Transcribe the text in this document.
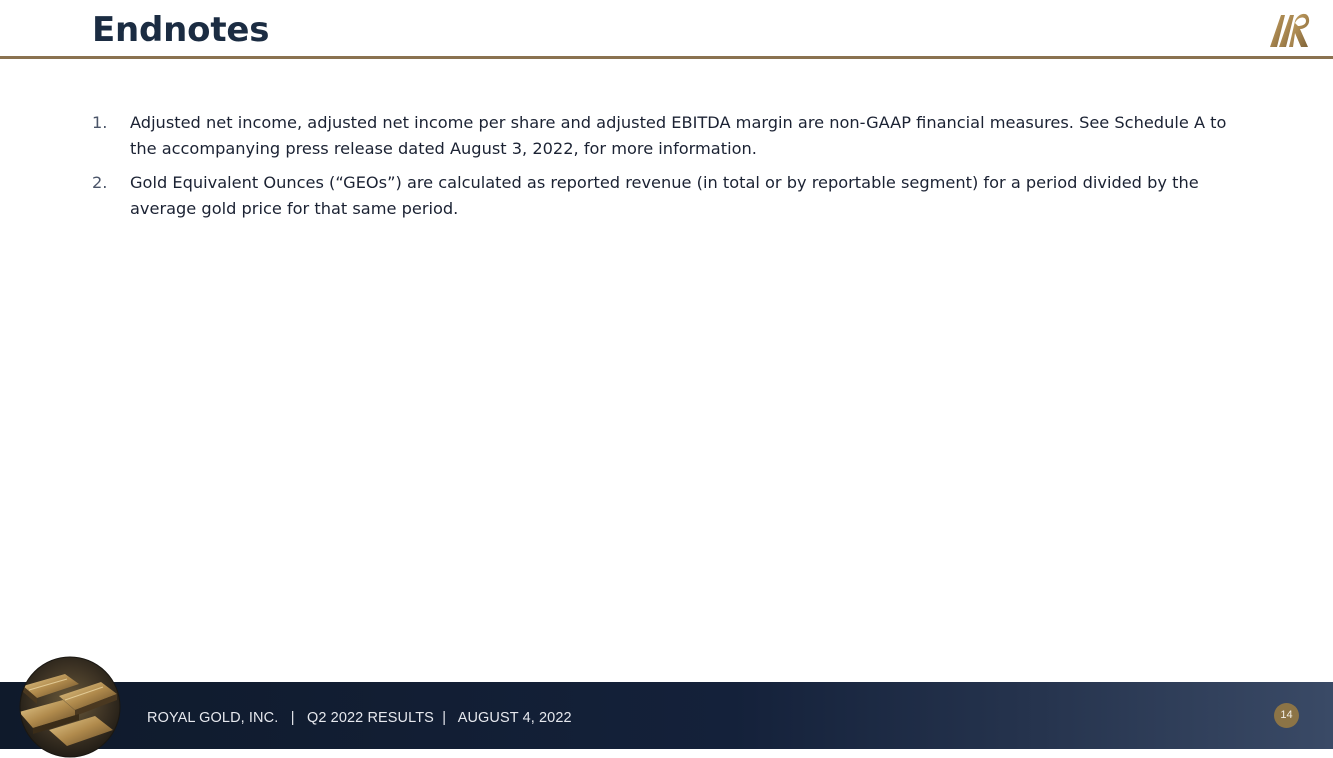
Endnotes
1. Adjusted net income, adjusted net income per share and adjusted EBITDA margin are non-GAAP financial measures. See Schedule A to the accompanying press release dated August 3, 2022, for more information.
2. Gold Equivalent Ounces (“GEOs”) are calculated as reported revenue (in total or by reportable segment) for a period divided by the average gold price for that same period.
ROYAL GOLD, INC. | Q2 2022 RESULTS | AUGUST 4, 2022	14
